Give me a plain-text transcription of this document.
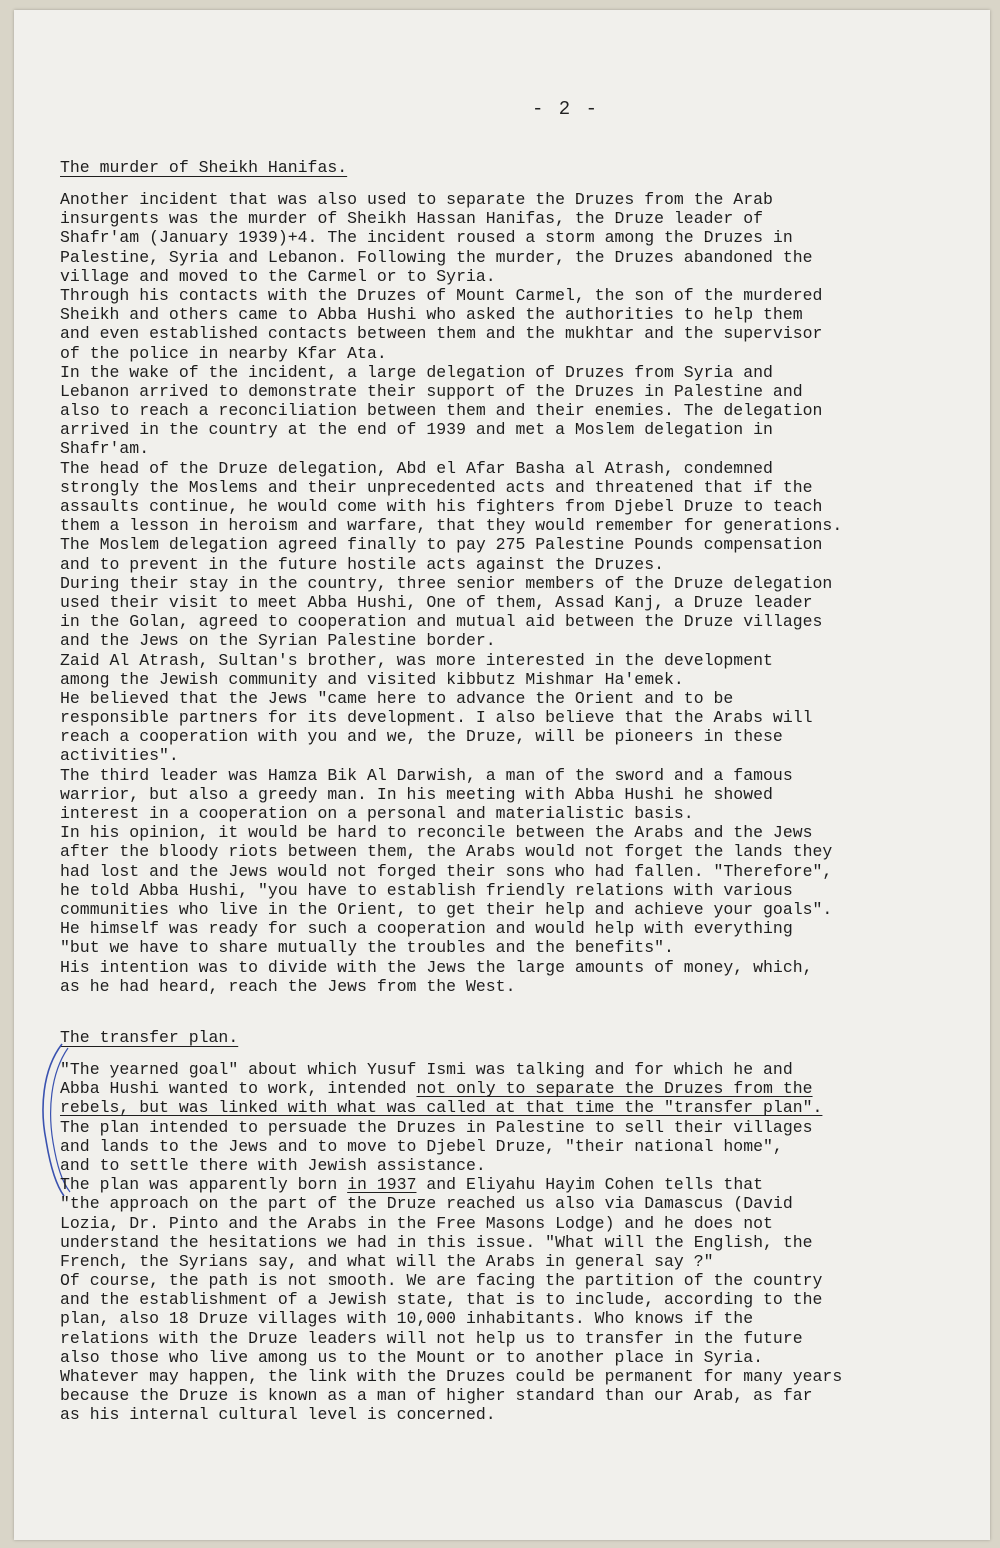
- 2 -
The murder of Sheikh Hanifas.
Another incident that was also used to separate the Druzes from the Arab
insurgents was the murder of Sheikh Hassan Hanifas, the Druze leader of
Shafr'am (January 1939)+4. The incident roused a storm among the Druzes in
Palestine, Syria and Lebanon. Following the murder, the Druzes abandoned the
village and moved to the Carmel or to Syria.
Through his contacts with the Druzes of Mount Carmel, the son of the murdered
Sheikh and others came to Abba Hushi who asked the authorities to help them
and even established contacts between them and the mukhtar and the supervisor
of the police in nearby Kfar Ata.
In the wake of the incident, a large delegation of Druzes from Syria and
Lebanon arrived to demonstrate their support of the Druzes in Palestine and
also to reach a reconciliation between them and their enemies. The delegation
arrived in the country at the end of 1939 and met a Moslem delegation in
Shafr'am.
The head of the Druze delegation, Abd el Afar Basha al Atrash, condemned
strongly the Moslems and their unprecedented acts and threatened that if the
assaults continue, he would come with his fighters from Djebel Druze to teach
them a lesson in heroism and warfare, that they would remember for generations.
The Moslem delegation agreed finally to pay 275 Palestine Pounds compensation
and to prevent in the future hostile acts against the Druzes.
During their stay in the country, three senior members of the Druze delegation
used their visit to meet Abba Hushi, One of them, Assad Kanj, a Druze leader
in the Golan, agreed to cooperation and mutual aid between the Druze villages
and the Jews on the Syrian Palestine border.
Zaid Al Atrash, Sultan's brother, was more interested in the development
among the Jewish community and visited kibbutz Mishmar Ha'emek.
He believed that the Jews "came here to advance the Orient and to be
responsible partners for its development. I also believe that the Arabs will
reach a cooperation with you and we, the Druze, will be pioneers in these
activities".
The third leader was Hamza Bik Al Darwish, a man of the sword and a famous
warrior, but also a greedy man. In his meeting with Abba Hushi he showed
interest in a cooperation on a personal and materialistic basis.
In his opinion, it would be hard to reconcile between the Arabs and the Jews
after the bloody riots between them, the Arabs would not forget the lands they
had lost and the Jews would not forged their sons who had fallen. "Therefore",
he told Abba Hushi, "you have to establish friendly relations with various
communities who live in the Orient, to get their help and achieve your goals".
He himself was ready for such a cooperation and would help with everything
"but we have to share mutually the troubles and the benefits".
His intention was to divide with the Jews the large amounts of money, which,
as he had heard, reach the Jews from the West.
The transfer plan.
"The yearned goal" about which Yusuf Ismi was talking and for which he and
Abba Hushi wanted to work, intended not only to separate the Druzes from the
rebels, but was linked with what was called at that time the "transfer plan".
The plan intended to persuade the Druzes in Palestine to sell their villages
and lands to the Jews and to move to Djebel Druze, "their national home",
and to settle there with Jewish assistance.
The plan was apparently born in 1937 and Eliyahu Hayim Cohen tells that
"the approach on the part of the Druze reached us also via Damascus (David
Lozia, Dr. Pinto and the Arabs in the Free Masons Lodge) and he does not
understand the hesitations we had in this issue. "What will the English, the
French, the Syrians say, and what will the Arabs in general say ?"
Of course, the path is not smooth. We are facing the partition of the country
and the establishment of a Jewish state, that is to include, according to the
plan, also 18 Druze villages with 10,000 inhabitants. Who knows if the
relations with the Druze leaders will not help us to transfer in the future
also those who live among us to the Mount or to another place in Syria.
Whatever may happen, the link with the Druzes could be permanent for many years
because the Druze is known as a man of higher standard than our Arab, as far
as his internal cultural level is concerned.
